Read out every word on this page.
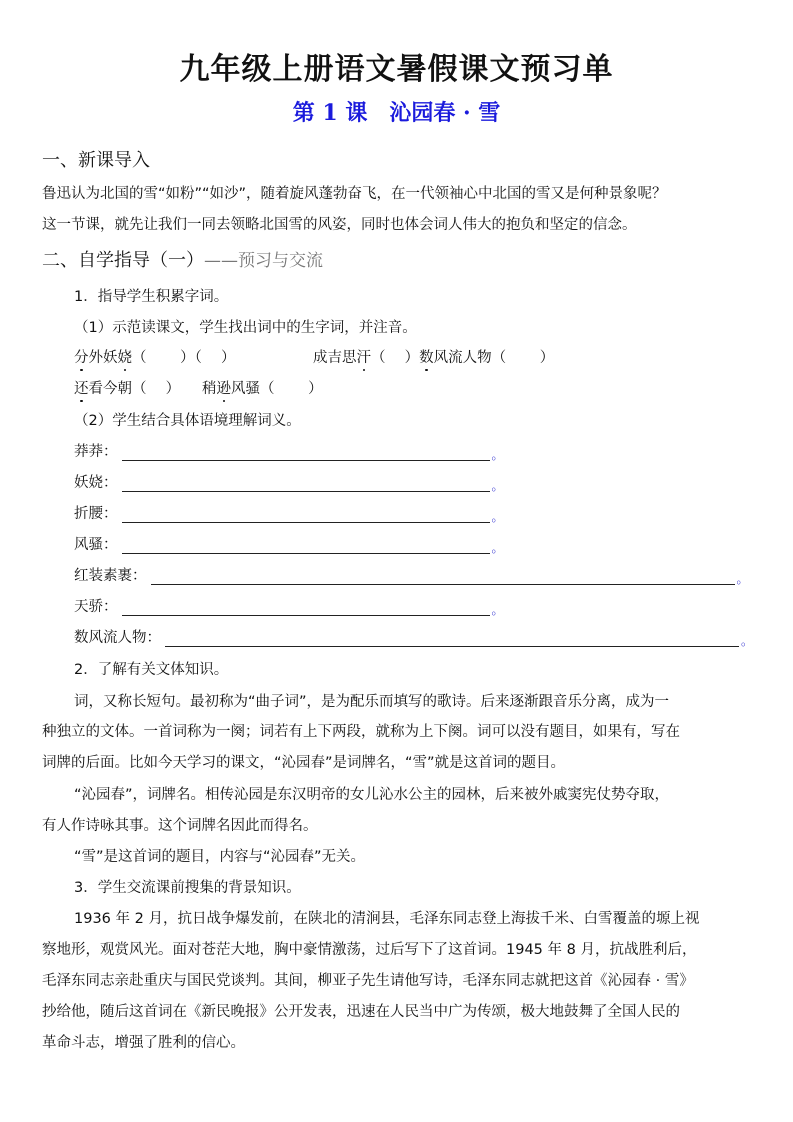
九年级上册语文暑假课文预习单
第 1 课 沁园春 · 雪
一、新课导入
鲁迅认为北国的雪“如粉”“如沙”，随着旋风蓬勃奋飞，在一代领袖心中北国的雪又是何种景象呢？
这一节课，就先让我们一同去领略北国雪的风姿，同时也体会词人伟大的抱负和坚定的信念。
二、自学指导（一）——预习与交流
1．指导学生积累字词。
（1）示范读课文，学生找出词中的生字词，并注音。
分外妖娆（　　 ）（　 ）	成吉思汗（　 ）数风流人物（　　 ）
还看今朝（　 ） 稍逊风骚（　　 ）
（2）学生结合具体语境理解词义。
莽莽：	。
妖娆：	。
折腰：	。
风骚：	。
红装素裹：	。
天骄：	。
数风流人物：	。
2．了解有关文体知识。
词，又称长短句。最初称为“曲子词”，是为配乐而填写的歌诗。后来逐渐跟音乐分离，成为一
种独立的文体。一首词称为一阕；词若有上下两段，就称为上下阕。词可以没有题目，如果有，写在
词牌的后面。比如今天学习的课文，“沁园春”是词牌名，“雪”就是这首词的题目。
“沁园春”，词牌名。相传沁园是东汉明帝的女儿沁水公主的园林，后来被外戚窦宪仗势夺取，
有人作诗咏其事。这个词牌名因此而得名。
“雪”是这首词的题目，内容与“沁园春”无关。
3．学生交流课前搜集的背景知识。
1936 年 2 月，抗日战争爆发前，在陕北的清涧县，毛泽东同志登上海拔千米、白雪覆盖的塬上视
察地形，观赏风光。面对苍茫大地，胸中豪情激荡，过后写下了这首词。1945 年 8 月，抗战胜利后，
毛泽东同志亲赴重庆与国民党谈判。其间，柳亚子先生请他写诗，毛泽东同志就把这首《沁园春 · 雪》
抄给他，随后这首词在《新民晚报》公开发表，迅速在人民当中广为传颂，极大地鼓舞了全国人民的
革命斗志，增强了胜利的信心。
